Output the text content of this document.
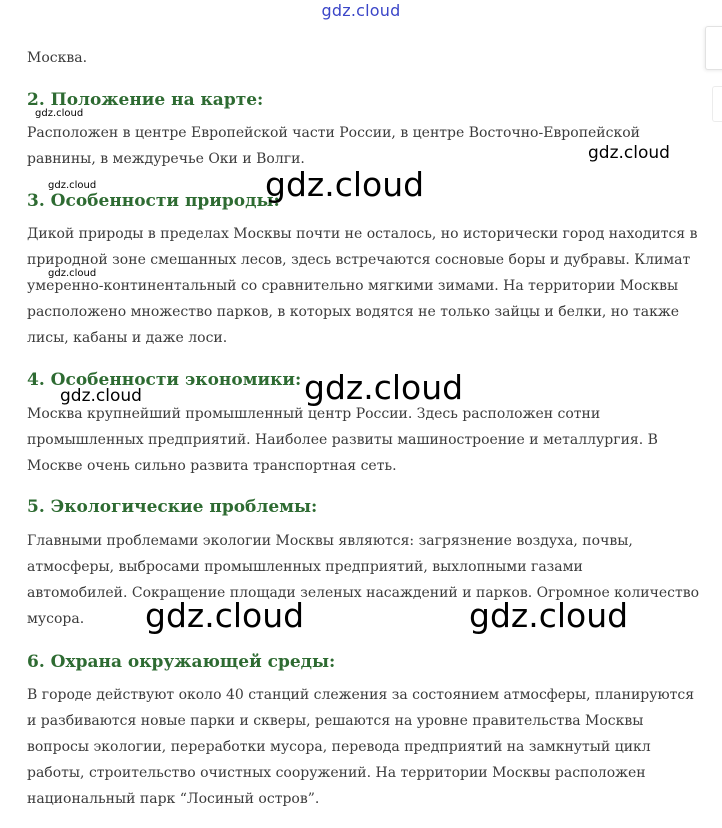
gdz.cloud
Москва.
2. Положение на карте:
Расположен в центре Европейской части России, в центре Восточно-Европейской
равнины, в междуречье Оки и Волги.
3. Особенности природы:
Дикой природы в пределах Москвы почти не осталось, но исторически город находится в
природной зоне смешанных лесов, здесь встречаются сосновые боры и дубравы. Климат
умеренно-континентальный со сравнительно мягкими зимами. На территории Москвы
расположено множество парков, в которых водятся не только зайцы и белки, но также
лисы, кабаны и даже лоси.
4. Особенности экономики:
Москва крупнейший промышленный центр России. Здесь расположен сотни
промышленных предприятий. Наиболее развиты машиностроение и металлургия. В
Москве очень сильно развита транспортная сеть.
5. Экологические проблемы:
Главными проблемами экологии Москвы являются: загрязнение воздуха, почвы,
атмосферы, выбросами промышленных предприятий, выхлопными газами
автомобилей. Сокращение площади зеленых насаждений и парков. Огромное количество
мусора.
6. Охрана окружающей среды:
В городе действуют около 40 станций слежения за состоянием атмосферы, планируются
и разбиваются новые парки и скверы, решаются на уровне правительства Москвы
вопросы экологии, переработки мусора, перевода предприятий на замкнутый цикл
работы, строительство очистных сооружений. На территории Москвы расположен
национальный парк “Лосиный остров”.
gdz.cloud
gdz.cloud
gdz.cloud	gdz.cloud
gdz.cloud
gdz.cloud
gdz.cloud
gdz.cloud	gdz.cloud
